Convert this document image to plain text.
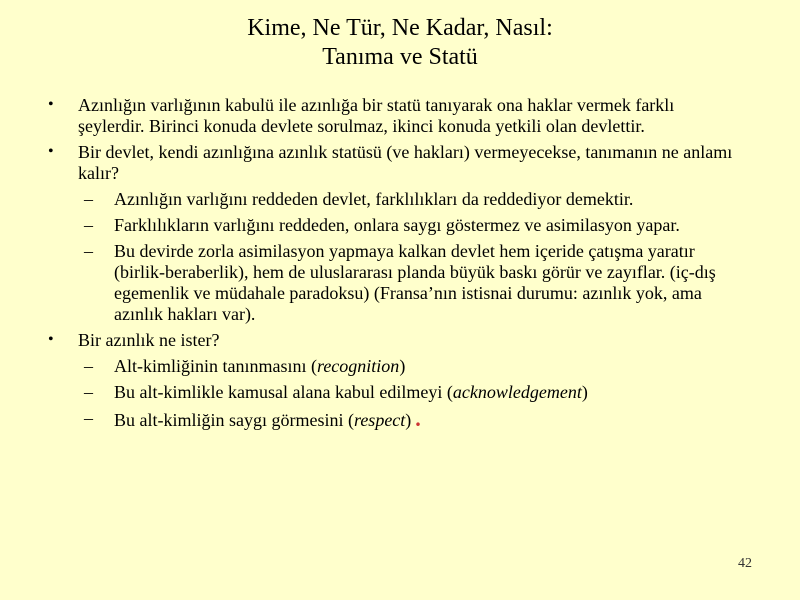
Kime, Ne Tür, Ne Kadar, Nasıl:
Tanıma ve Statü
• Azınlığın varlığının kabulü ile azınlığa bir statü tanıyarak ona haklar vermek farklı şeylerdir. Birinci konuda devlete sorulmaz, ikinci konuda yetkili olan devlettir.
• Bir devlet, kendi azınlığına azınlık statüsü (ve hakları) vermeyecekse, tanımanın ne anlamı kalır?
– Azınlığın varlığını reddeden devlet, farklılıkları da reddediyor demektir.
– Farklılıkların varlığını reddeden, onlara saygı göstermez ve asimilasyon yapar.
– Bu devirde zorla asimilasyon yapmaya kalkan devlet hem içeride çatışma yaratır (birlik-beraberlik), hem de uluslararası planda büyük baskı görür ve zayıflar. (iç-dış egemenlik ve müdahale paradoksu) (Fransa’nın istisnai durumu: azınlık yok, ama azınlık hakları var).
• Bir azınlık ne ister?
– Alt-kimliğinin tanınmasını (recognition)
– Bu alt-kimlikle kamusal alana kabul edilmeyi (acknowledgement)
– Bu alt-kimliğin saygı görmesini (respect) .
42
